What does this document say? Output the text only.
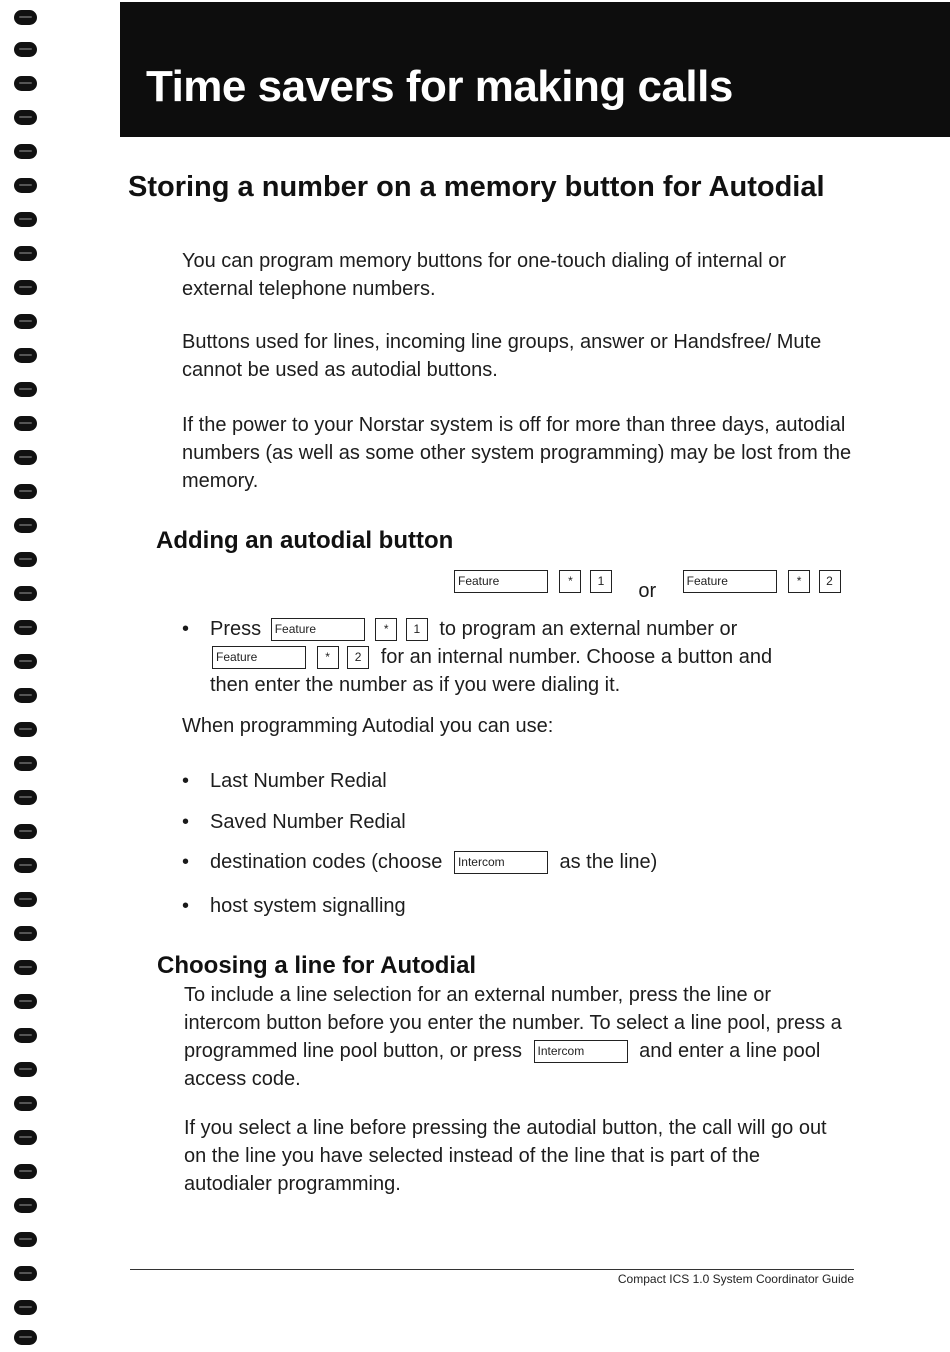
Time savers for making calls
Storing a number on a memory button for Autodial

You can program memory buttons for one-touch dialing of internal or external telephone numbers.

Buttons used for lines, incoming line groups, answer or Handsfree/ Mute cannot be used as autodial buttons.

If the power to your Norstar system is off for more than three days, autodial numbers (as well as some other system programming) may be lost from the memory.

Adding an autodial button
Feature	* 1 or	Feature	* 2
• Press Feature	* 1 to program an external number or
Feature	* 2 for an internal number. Choose a button and

then enter the number as if you were dialing it.

When programming Autodial you can use:

• Last Number Redial

• Saved Number Redial

• destination codes (choose Intercom	as the line)
• host system signalling

Choosing a line for Autodial
To include a line selection for an external number, press the line or intercom button before you enter the number. To select a line pool, press a programmed line pool button, or press Intercom	and enter a line pool access code.

If you select a line before pressing the autodial button, the call will go out on the line you have selected instead of the line that is part of the autodialer programming.

Compact ICS 1.0 System Coordinator Guide
